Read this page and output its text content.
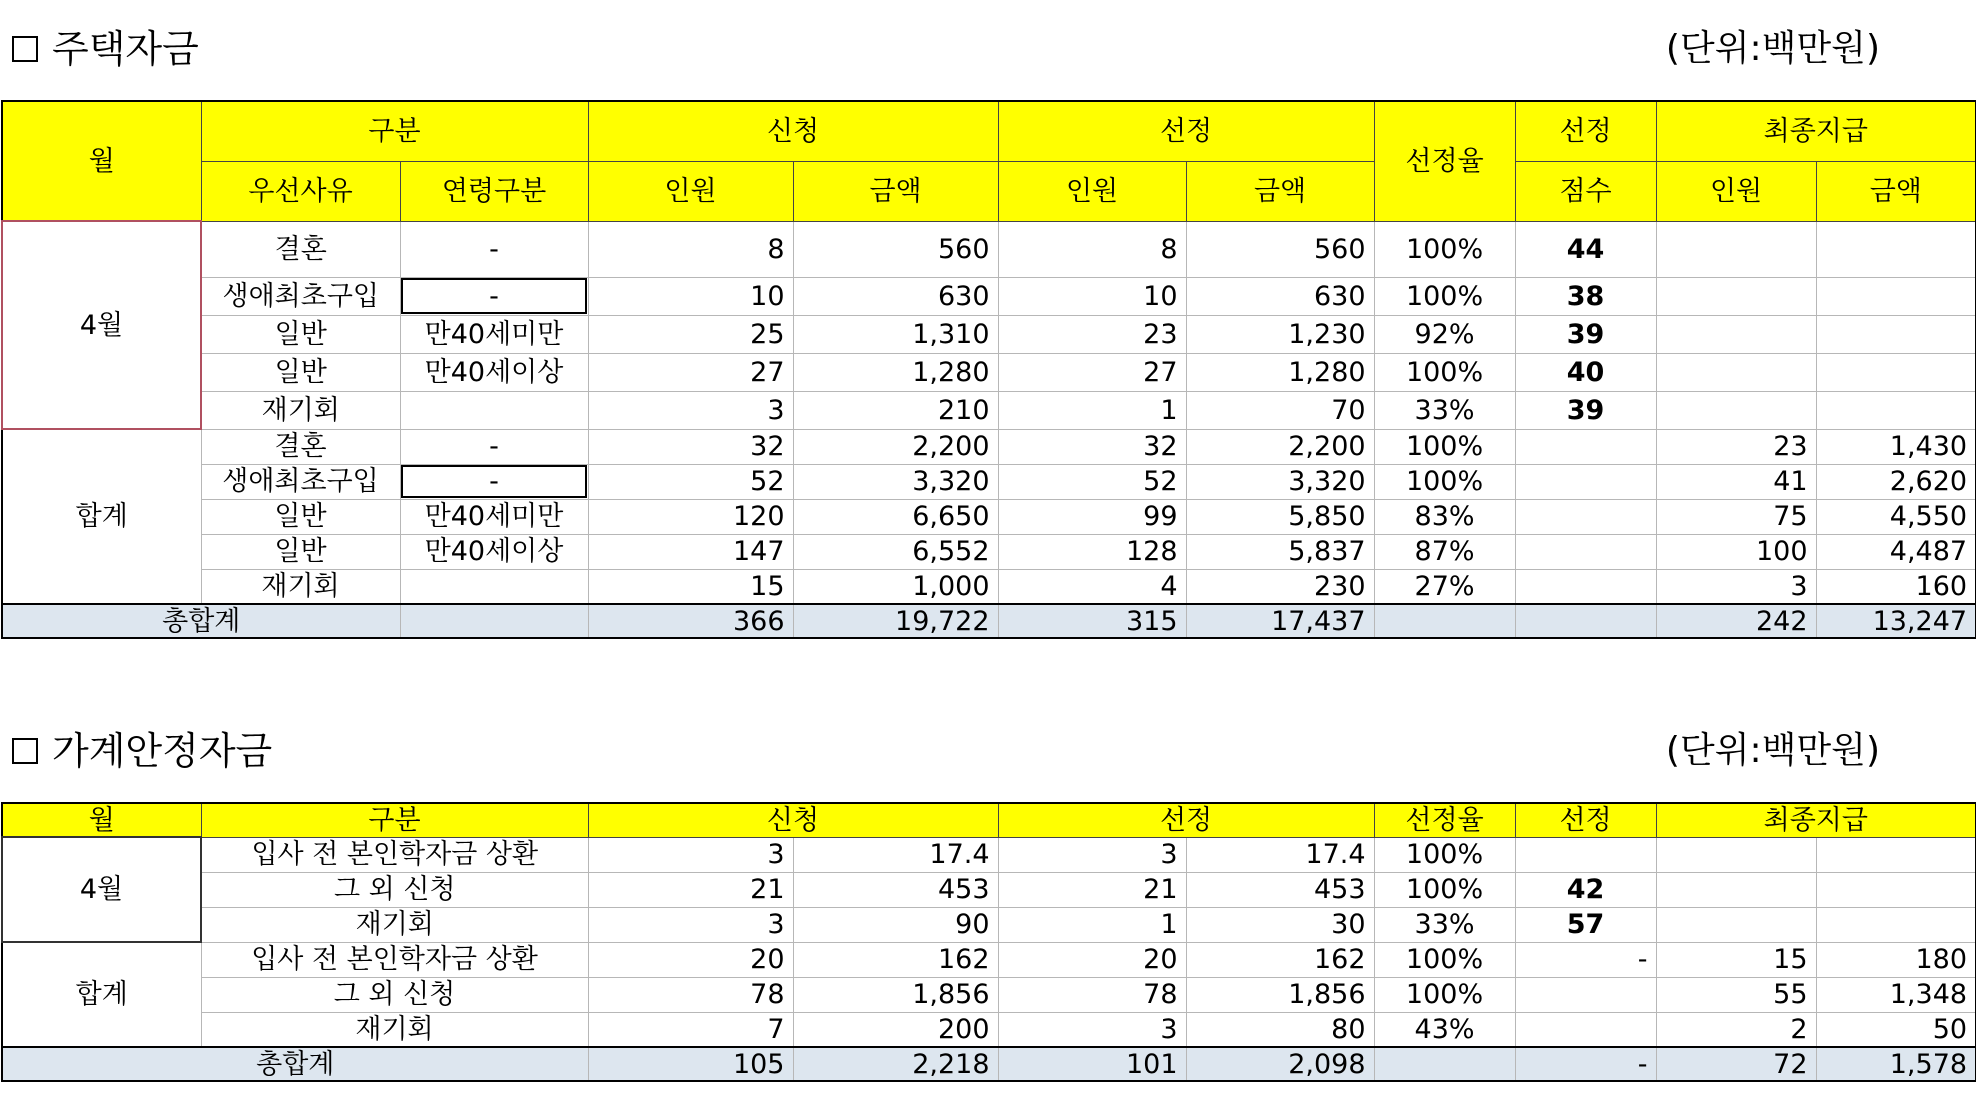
주택자금	(단위:백만원)
월	구분		신청		선정		선정율	선정	최종지급	
	우선사유	연령구분	인원	금액	인원	금액		점수	인원	금액
4월	결혼	-	8	560	8	560	100%	44		
	생애최초구입	-	10	630	10	630	100%	38		
	일반	만40세미만	25	1,310	23	1,230	92%	39		
	일반	만40세이상	27	1,280	27	1,280	100%	40		
	재기회		3	210	1	70	33%	39		
합계	결혼	-	32	2,200	32	2,200	100%		23	1,430
	생애최초구입	-	52	3,320	52	3,320	100%		41	2,620
	일반	만40세미만	120	6,650	99	5,850	83%		75	4,550
	일반	만40세이상	147	6,552	128	5,837	87%		100	4,487
	재기회		15	1,000	4	230	27%		3	160
총합계			366	19,722	315	17,437			242	13,247
가계안정자금	(단위:백만원)
월	구분	신청		선정		선정율	선정	최종지급	
4월	입사 전 본인학자금 상환	3	17.4	3	17.4	100%			
	그 외 신청	21	453	21	453	100%	42		
	재기회	3	90	1	30	33%	57		
합계	입사 전 본인학자금 상환	20	162	20	162	100%	-	15	180
	그 외 신청	78	1,856	78	1,856	100%		55	1,348
	재기회	7	200	3	80	43%		2	50
총합계		105	2,218	101	2,098		-	72	1,578
